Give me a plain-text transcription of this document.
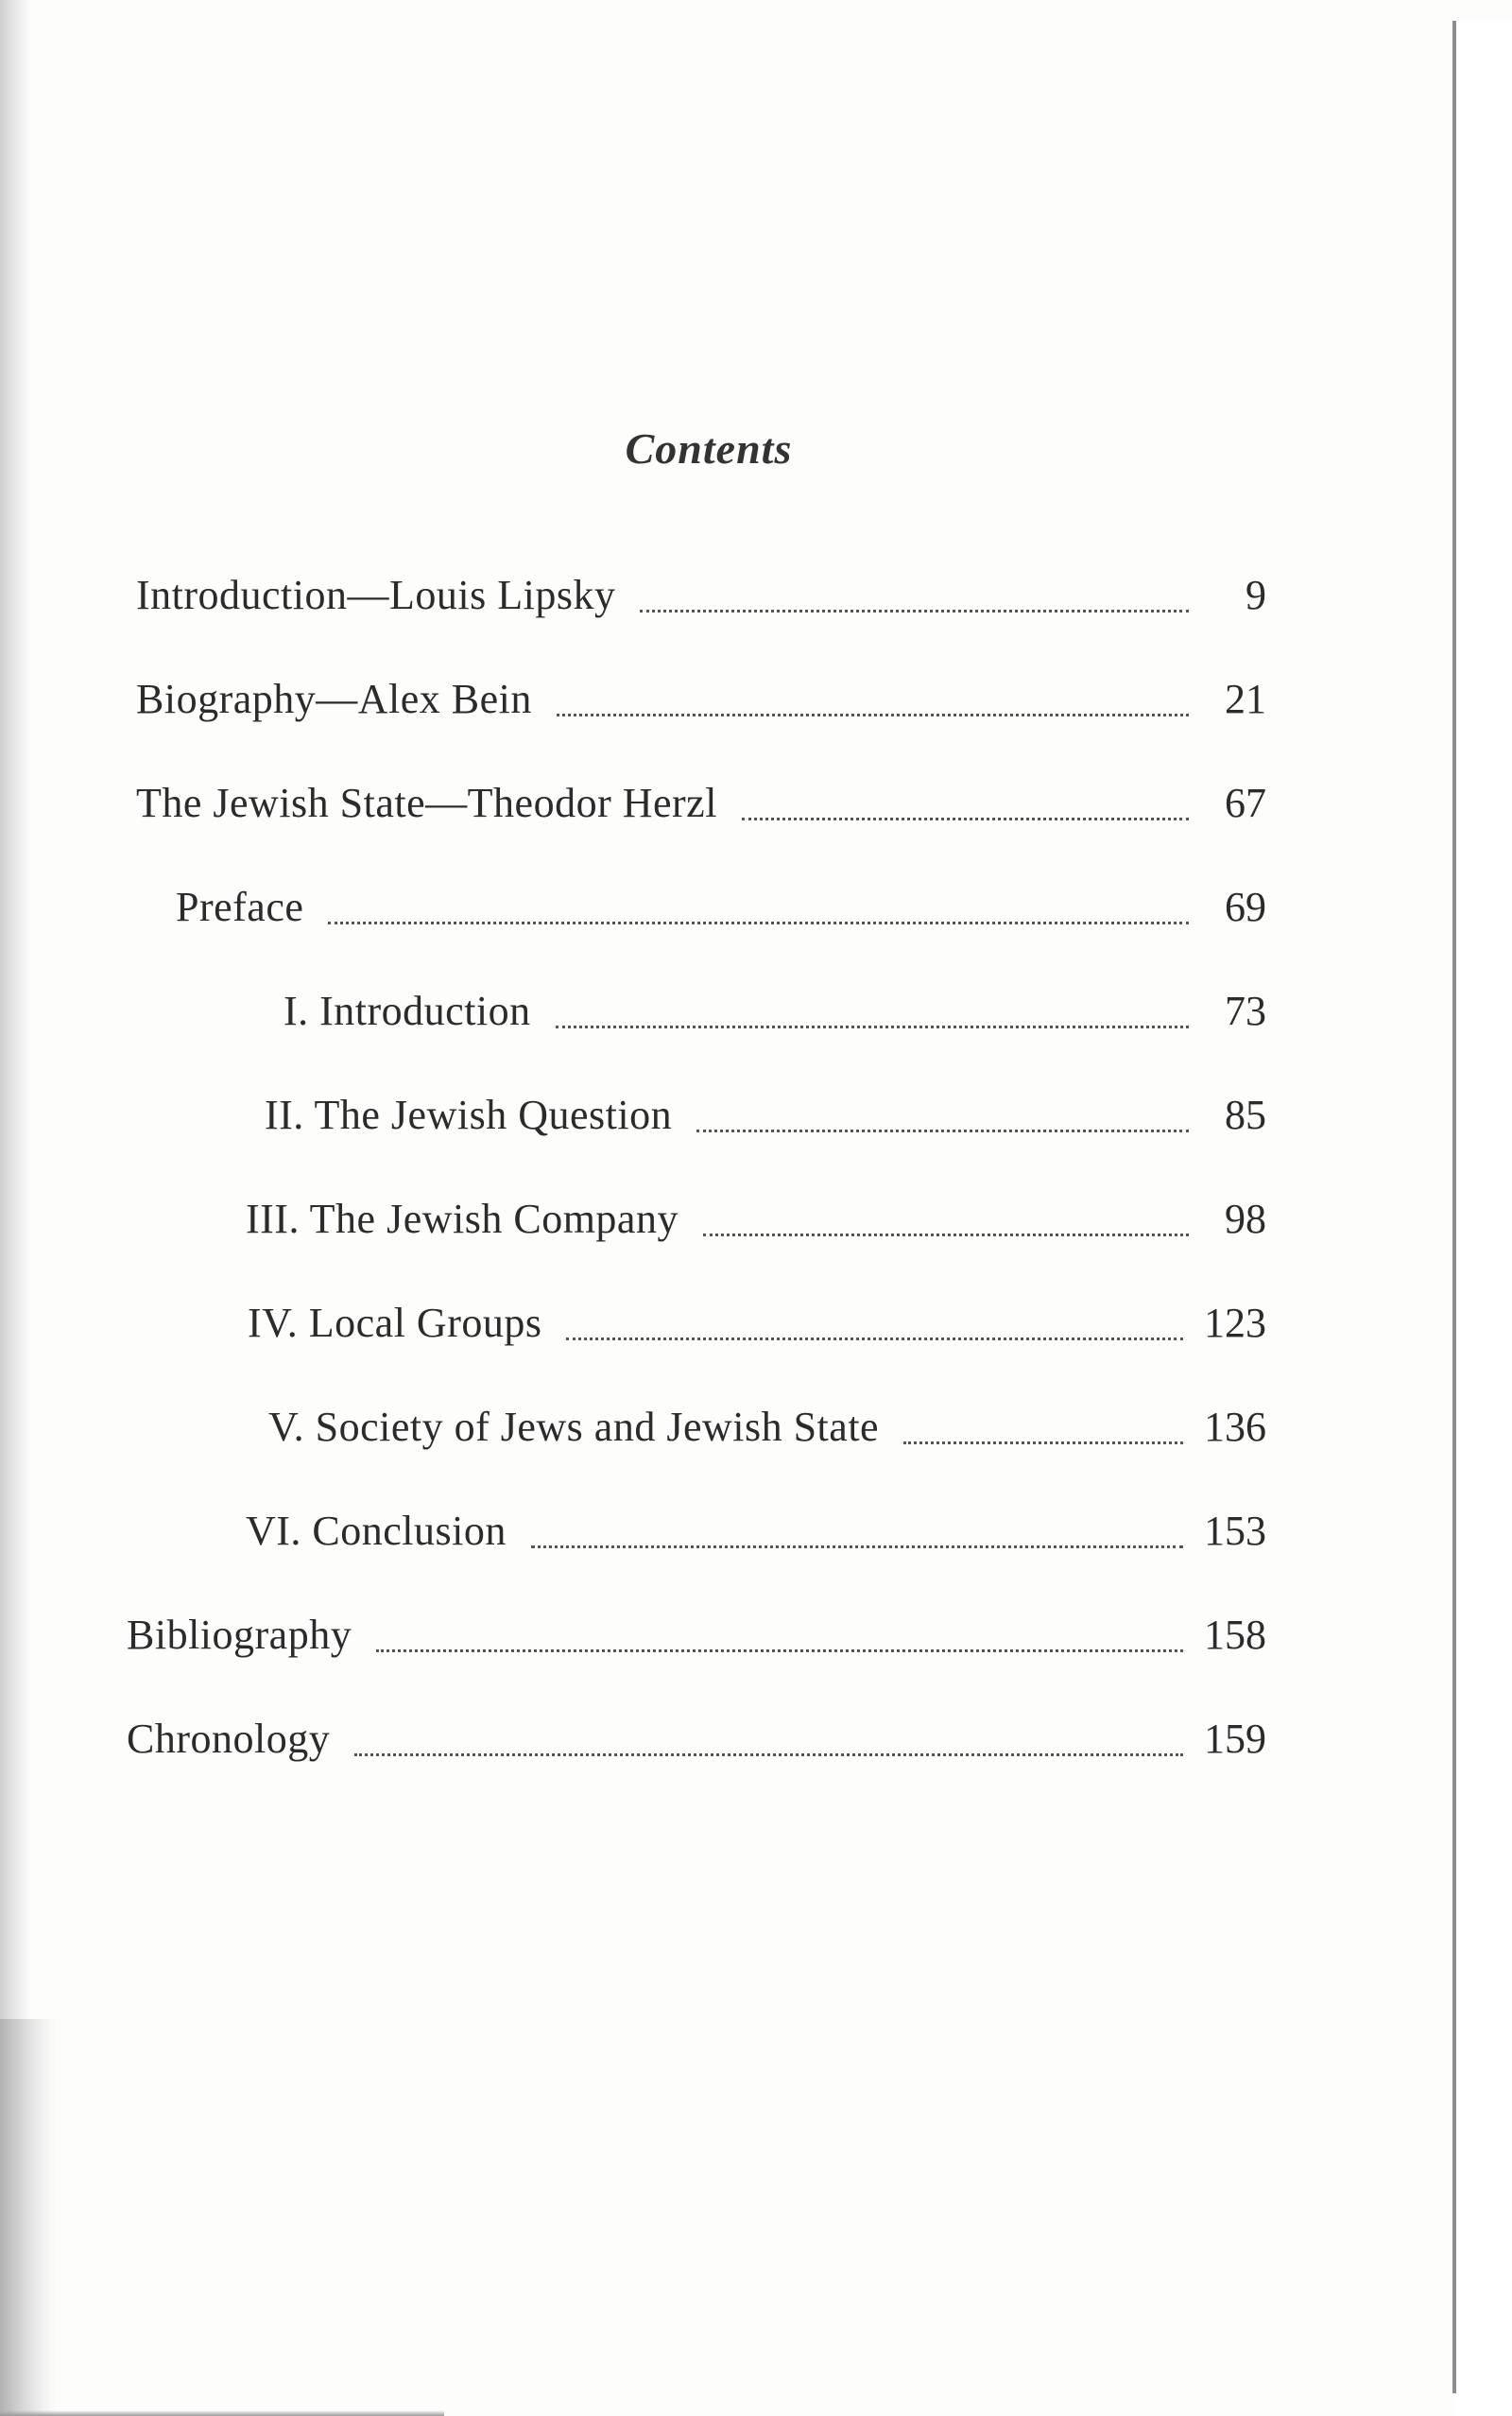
Contents
Introduction—Louis Lipsky	9
Biography—Alex Bein	21
The Jewish State—Theodor Herzl	67
Preface	69
I. Introduction	73
II. The Jewish Question	85
III. The Jewish Company	98
IV. Local Groups	123
V. Society of Jews and Jewish State	136
VI. Conclusion	153
Bibliography	158
Chronology	159
